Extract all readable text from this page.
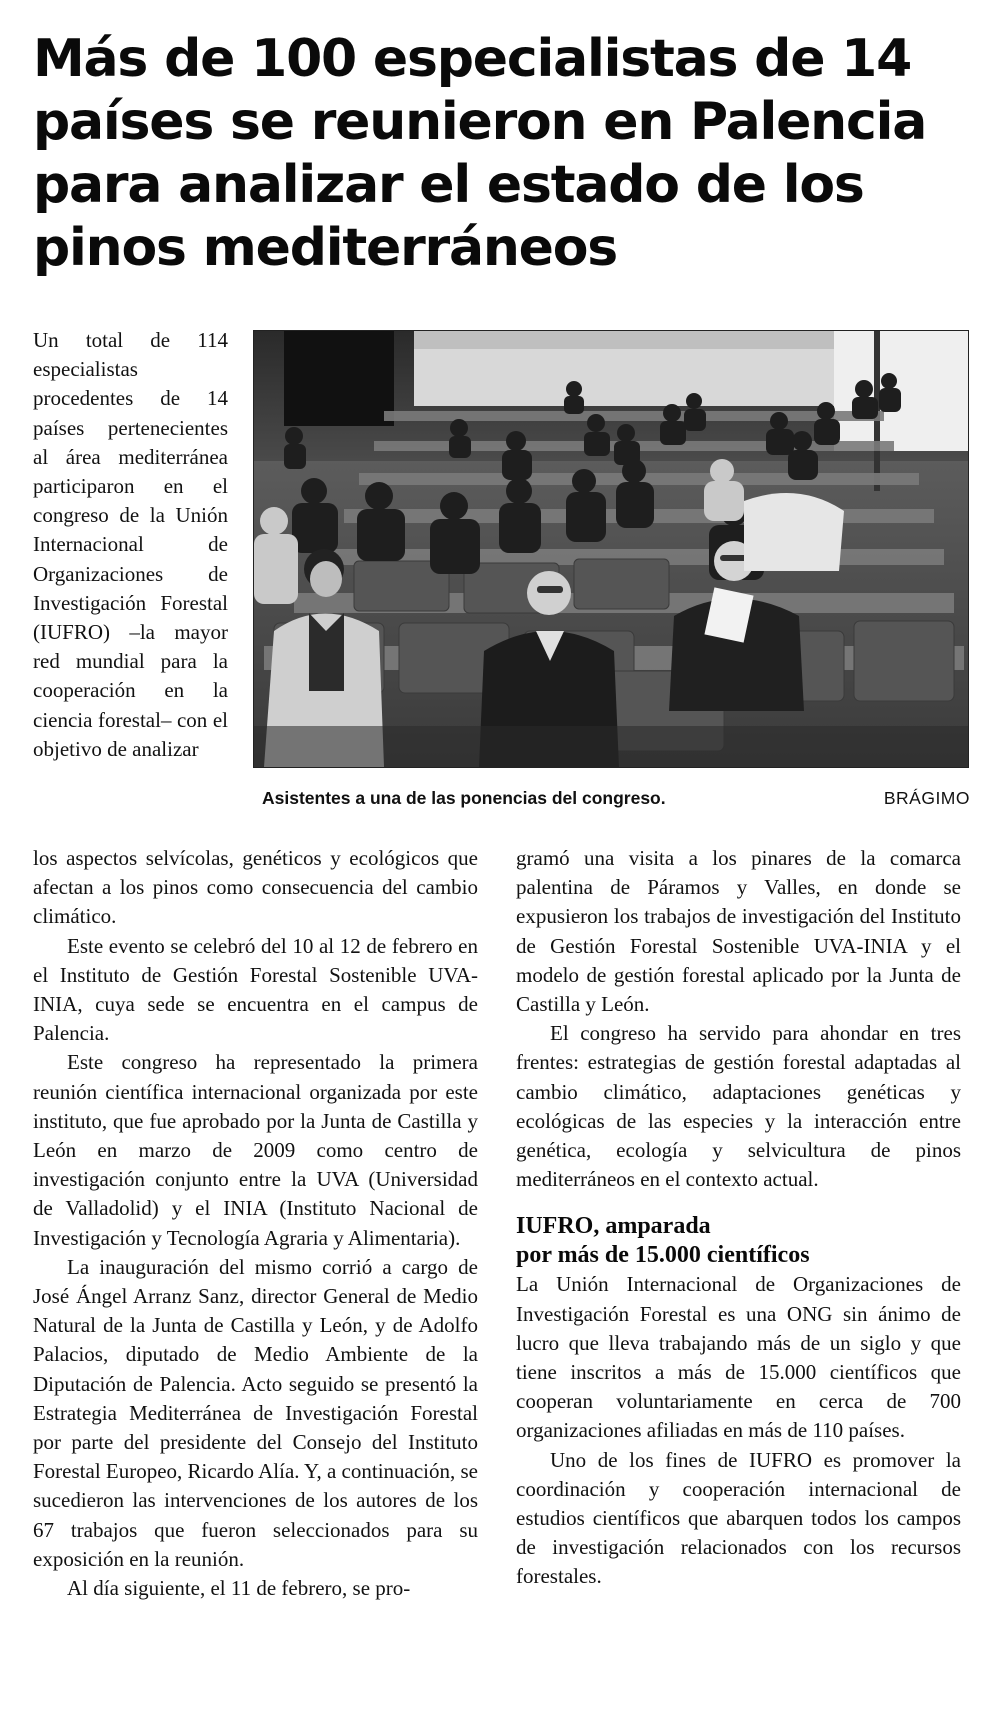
Más de 100 especialistas de 14
países se reunieron en Palencia
para analizar el estado de los
pinos mediterráneos

Un total de 114 especialistas procedentes de 14 países pertenecientes al área mediterránea participaron en el congreso de la Unión Internacional de Organizaciones de Investigación Forestal (IUFRO) –la mayor red mundial para la cooperación en la ciencia forestal– con el objetivo de analizar

Asistentes a una de las ponencias del congreso.	BRÁGIMO

los aspectos selvícolas, genéticos y ecológicos que afectan a los pinos como consecuencia del cambio climático.

Este evento se celebró del 10 al 12 de febrero en el Instituto de Gestión Forestal Sostenible UVA-INIA, cuya sede se encuentra en el campus de Palencia.

Este congreso ha representado la primera reunión científica internacional organizada por este instituto, que fue aprobado por la Junta de Castilla y León en marzo de 2009 como centro de investigación conjunto entre la UVA (Universidad de Valladolid) y el INIA (Instituto Nacional de Investigación y Tecnología Agraria y Alimentaria).

La inauguración del mismo corrió a cargo de José Ángel Arranz Sanz, director General de Medio Natural de la Junta de Castilla y León, y de Adolfo Palacios, diputado de Medio Ambiente de la Diputación de Palencia. Acto seguido se presentó la Estrategia Mediterránea de Investigación Forestal por parte del presidente del Consejo del Instituto Forestal Europeo, Ricardo Alía. Y, a continuación, se sucedieron las intervenciones de los autores de los 67 trabajos que fueron seleccionados para su exposición en la reunión.

Al día siguiente, el 11 de febrero, se pro-

gramó una visita a los pinares de la comarca palentina de Páramos y Valles, en donde se expusieron los trabajos de investigación del Instituto de Gestión Forestal Sostenible UVA-INIA y el modelo de gestión forestal aplicado por la Junta de Castilla y León.

El congreso ha servido para ahondar en tres frentes: estrategias de gestión forestal adaptadas al cambio climático, adaptaciones genéticas y ecológicas de las especies y la interacción entre genética, ecología y selvicultura de pinos mediterráneos en el contexto actual.

IUFRO, amparada
por más de 15.000 científicos

La Unión Internacional de Organizaciones de Investigación Forestal es una ONG sin ánimo de lucro que lleva trabajando más de un siglo y que tiene inscritos a más de 15.000 científicos que cooperan voluntariamente en cerca de 700 organizaciones afiliadas en más de 110 países.

Uno de los fines de IUFRO es promover la coordinación y cooperación internacional de estudios científicos que abarquen todos los campos de investigación relacionados con los recursos forestales.
